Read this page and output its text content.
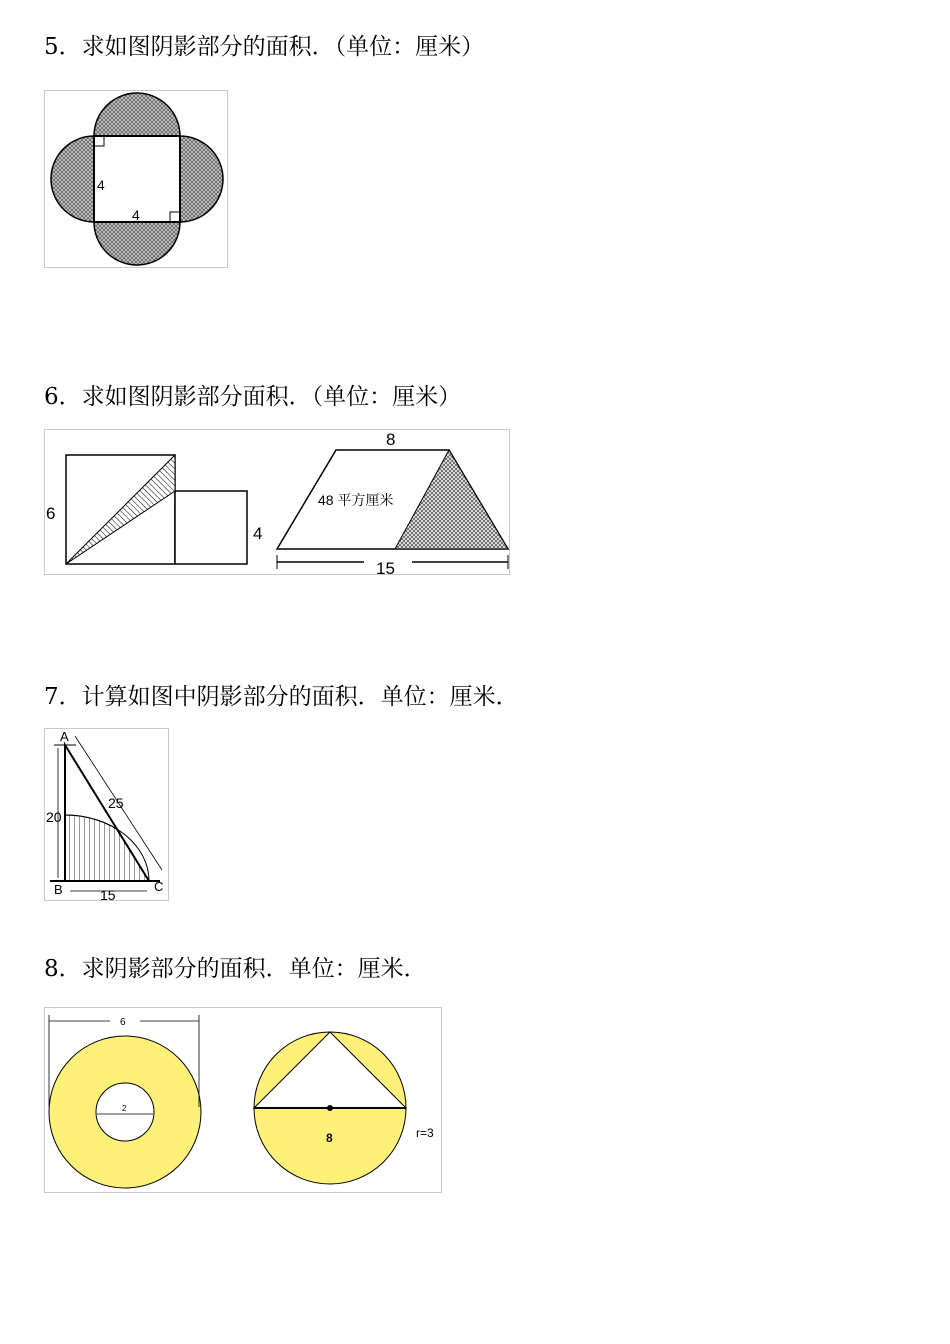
5．求如图阴影部分的面积．（单位：厘米）
4
4
6．求如图阴影部分面积．（单位：厘米）
6
4
8
48 平方厘米
15
7．计算如图中阴影部分的面积．单位：厘米．
A
B	C
25
20
15
8．求阴影部分的面积．单位：厘米．
6
2
8	r=3
